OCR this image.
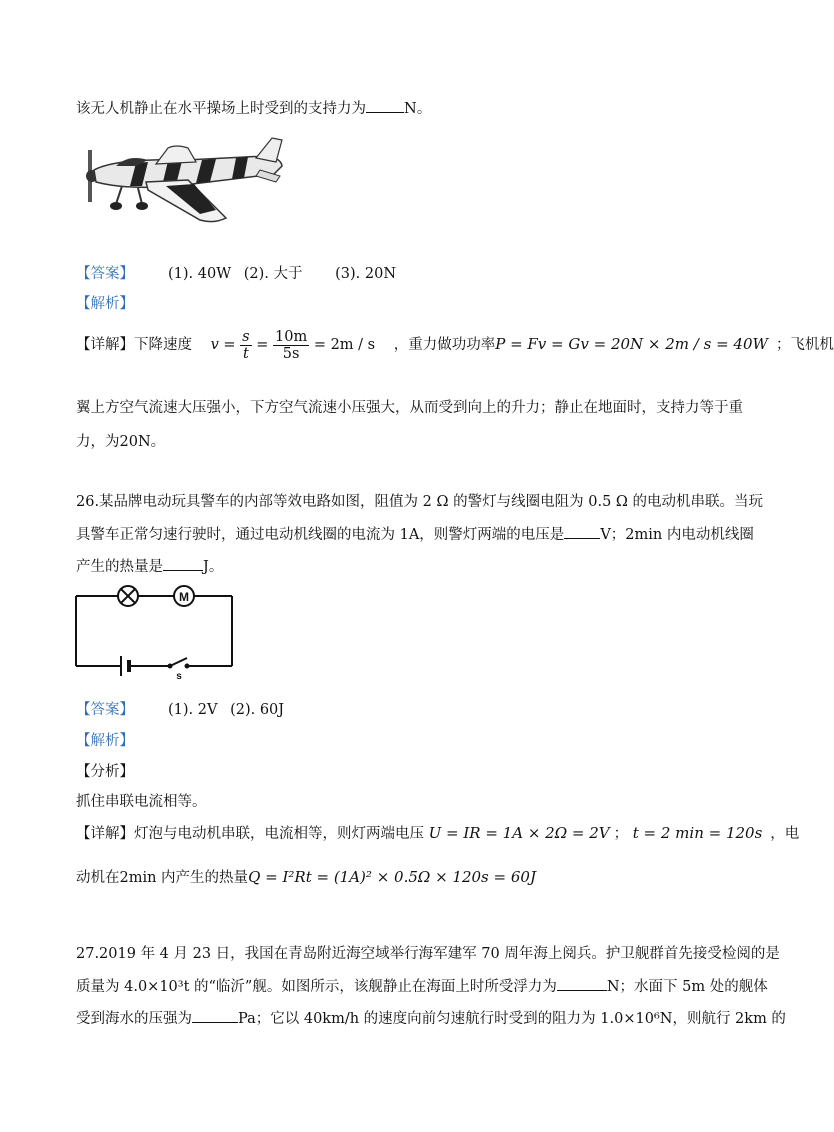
该无人机静止在水平操场上时受到的支持力为	N。
【答案】 (1). 40W (2). 大于 (3). 20N
【解析】
【详解】下降速度 $v = \frac{s}{t} = \frac{10m}{5s} = 2m / s$ ，重力做功功率P = Fv = Gv = 20N × 2m / s = 40W ；飞机机
翼上方空气流速大压强小，下方空气流速小压强大，从而受到向上的升力；静止在地面时，支持力等于重
力，为20N。
26.某品牌电动玩具警车的内部等效电路如图，阻值为 2 Ω 的警灯与线圈电阻为 0.5 Ω 的电动机串联。当玩
具警车正常匀速行驶时，通过电动机线圈的电流为 1A，则警灯两端的电压是 V；2min 内电动机线圈
产生的热量是	J。
M
s
【答案】 (1). 2V (2). 60J
【解析】
【分析】
抓住串联电流相等。
【详解】灯泡与电动机串联，电流相等，则灯两端电压 U = IR = 1A × 2Ω = 2V ； t = 2 min = 120s ，电
动机在2min 内产生的热量Q = I²Rt = (1A)² × 0.5Ω × 120s = 60J
27.2019 年 4 月 23 日，我国在青岛附近海空域举行海军建军 70 周年海上阅兵。护卫舰群首先接受检阅的是
质量为 4.0×10³t 的“临沂”舰。如图所示，该舰静止在海面上时所受浮力为	N；水面下 5m 处的舰体
受到海水的压强为	Pa；它以 40km/h 的速度向前匀速航行时受到的阻力为 1.0×10⁶N，则航行 2km 的
